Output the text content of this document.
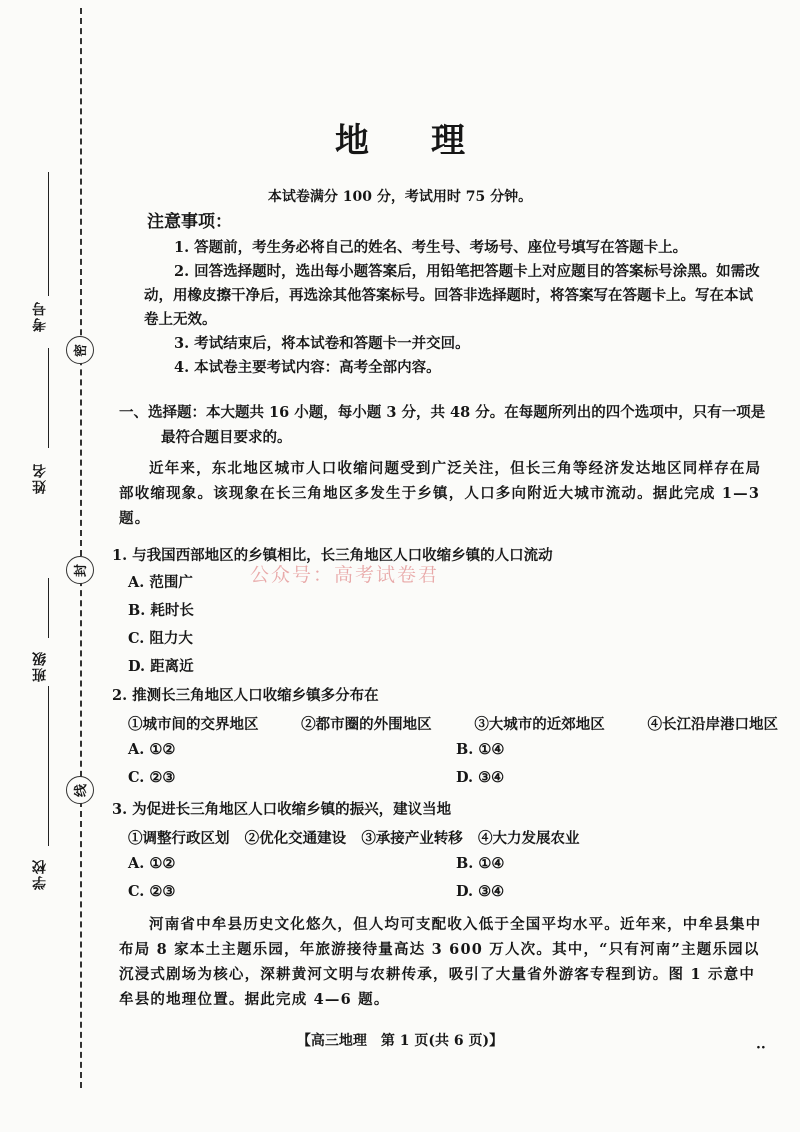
考号
姓名
班级
学校
密
封
线
地 理
本试卷满分 100 分，考试用时 75 分钟。
注意事项：

1. 答题前，考生务必将自己的姓名、考生号、考场号、座位号填写在答题卡上。

2. 回答选择题时，选出每小题答案后，用铅笔把答题卡上对应题目的答案标号涂黑。如需改动，用橡皮擦干净后，再选涂其他答案标号。回答非选择题时，将答案写在答题卡上。写在本试卷上无效。

3. 考试结束后，将本试卷和答题卡一并交回。

4. 本试卷主要考试内容：高考全部内容。

一、选择题：本大题共 16 小题，每小题 3 分，共 48 分。在每题所列出的四个选项中，只有一项是最符合题目要求的。
近年来，东北地区城市人口收缩问题受到广泛关注，但长三角等经济发达地区同样存在局部收缩现象。该现象在长三角地区多发生于乡镇，人口多向附近大城市流动。据此完成 1—3 题。
1. 与我国西部地区的乡镇相比，长三角地区人口收缩乡镇的人口流动
A. 范围广
B. 耗时长
C. 阻力大
D. 距离近
公众号：高考试卷君
2. 推测长三角地区人口收缩乡镇多分布在
①城市间的交界地区	②都市圈的外围地区	③大城市的近郊地区	④长江沿岸港口地区
A. ①②	B. ①④
C. ②③	D. ③④
3. 为促进长三角地区人口收缩乡镇的振兴，建议当地
①调整行政区划 ②优化交通建设 ③承接产业转移 ④大力发展农业
A. ①②	B. ①④
C. ②③	D. ③④
河南省中牟县历史文化悠久，但人均可支配收入低于全国平均水平。近年来，中牟县集中布局 8 家本土主题乐园，年旅游接待量高达 3 600 万人次。其中，“只有河南”主题乐园以沉浸式剧场为核心，深耕黄河文明与农耕传承，吸引了大量省外游客专程到访。图 1 示意中牟县的地理位置。据此完成 4—6 题。
【高三地理　第 1 页(共 6 页)】	··
